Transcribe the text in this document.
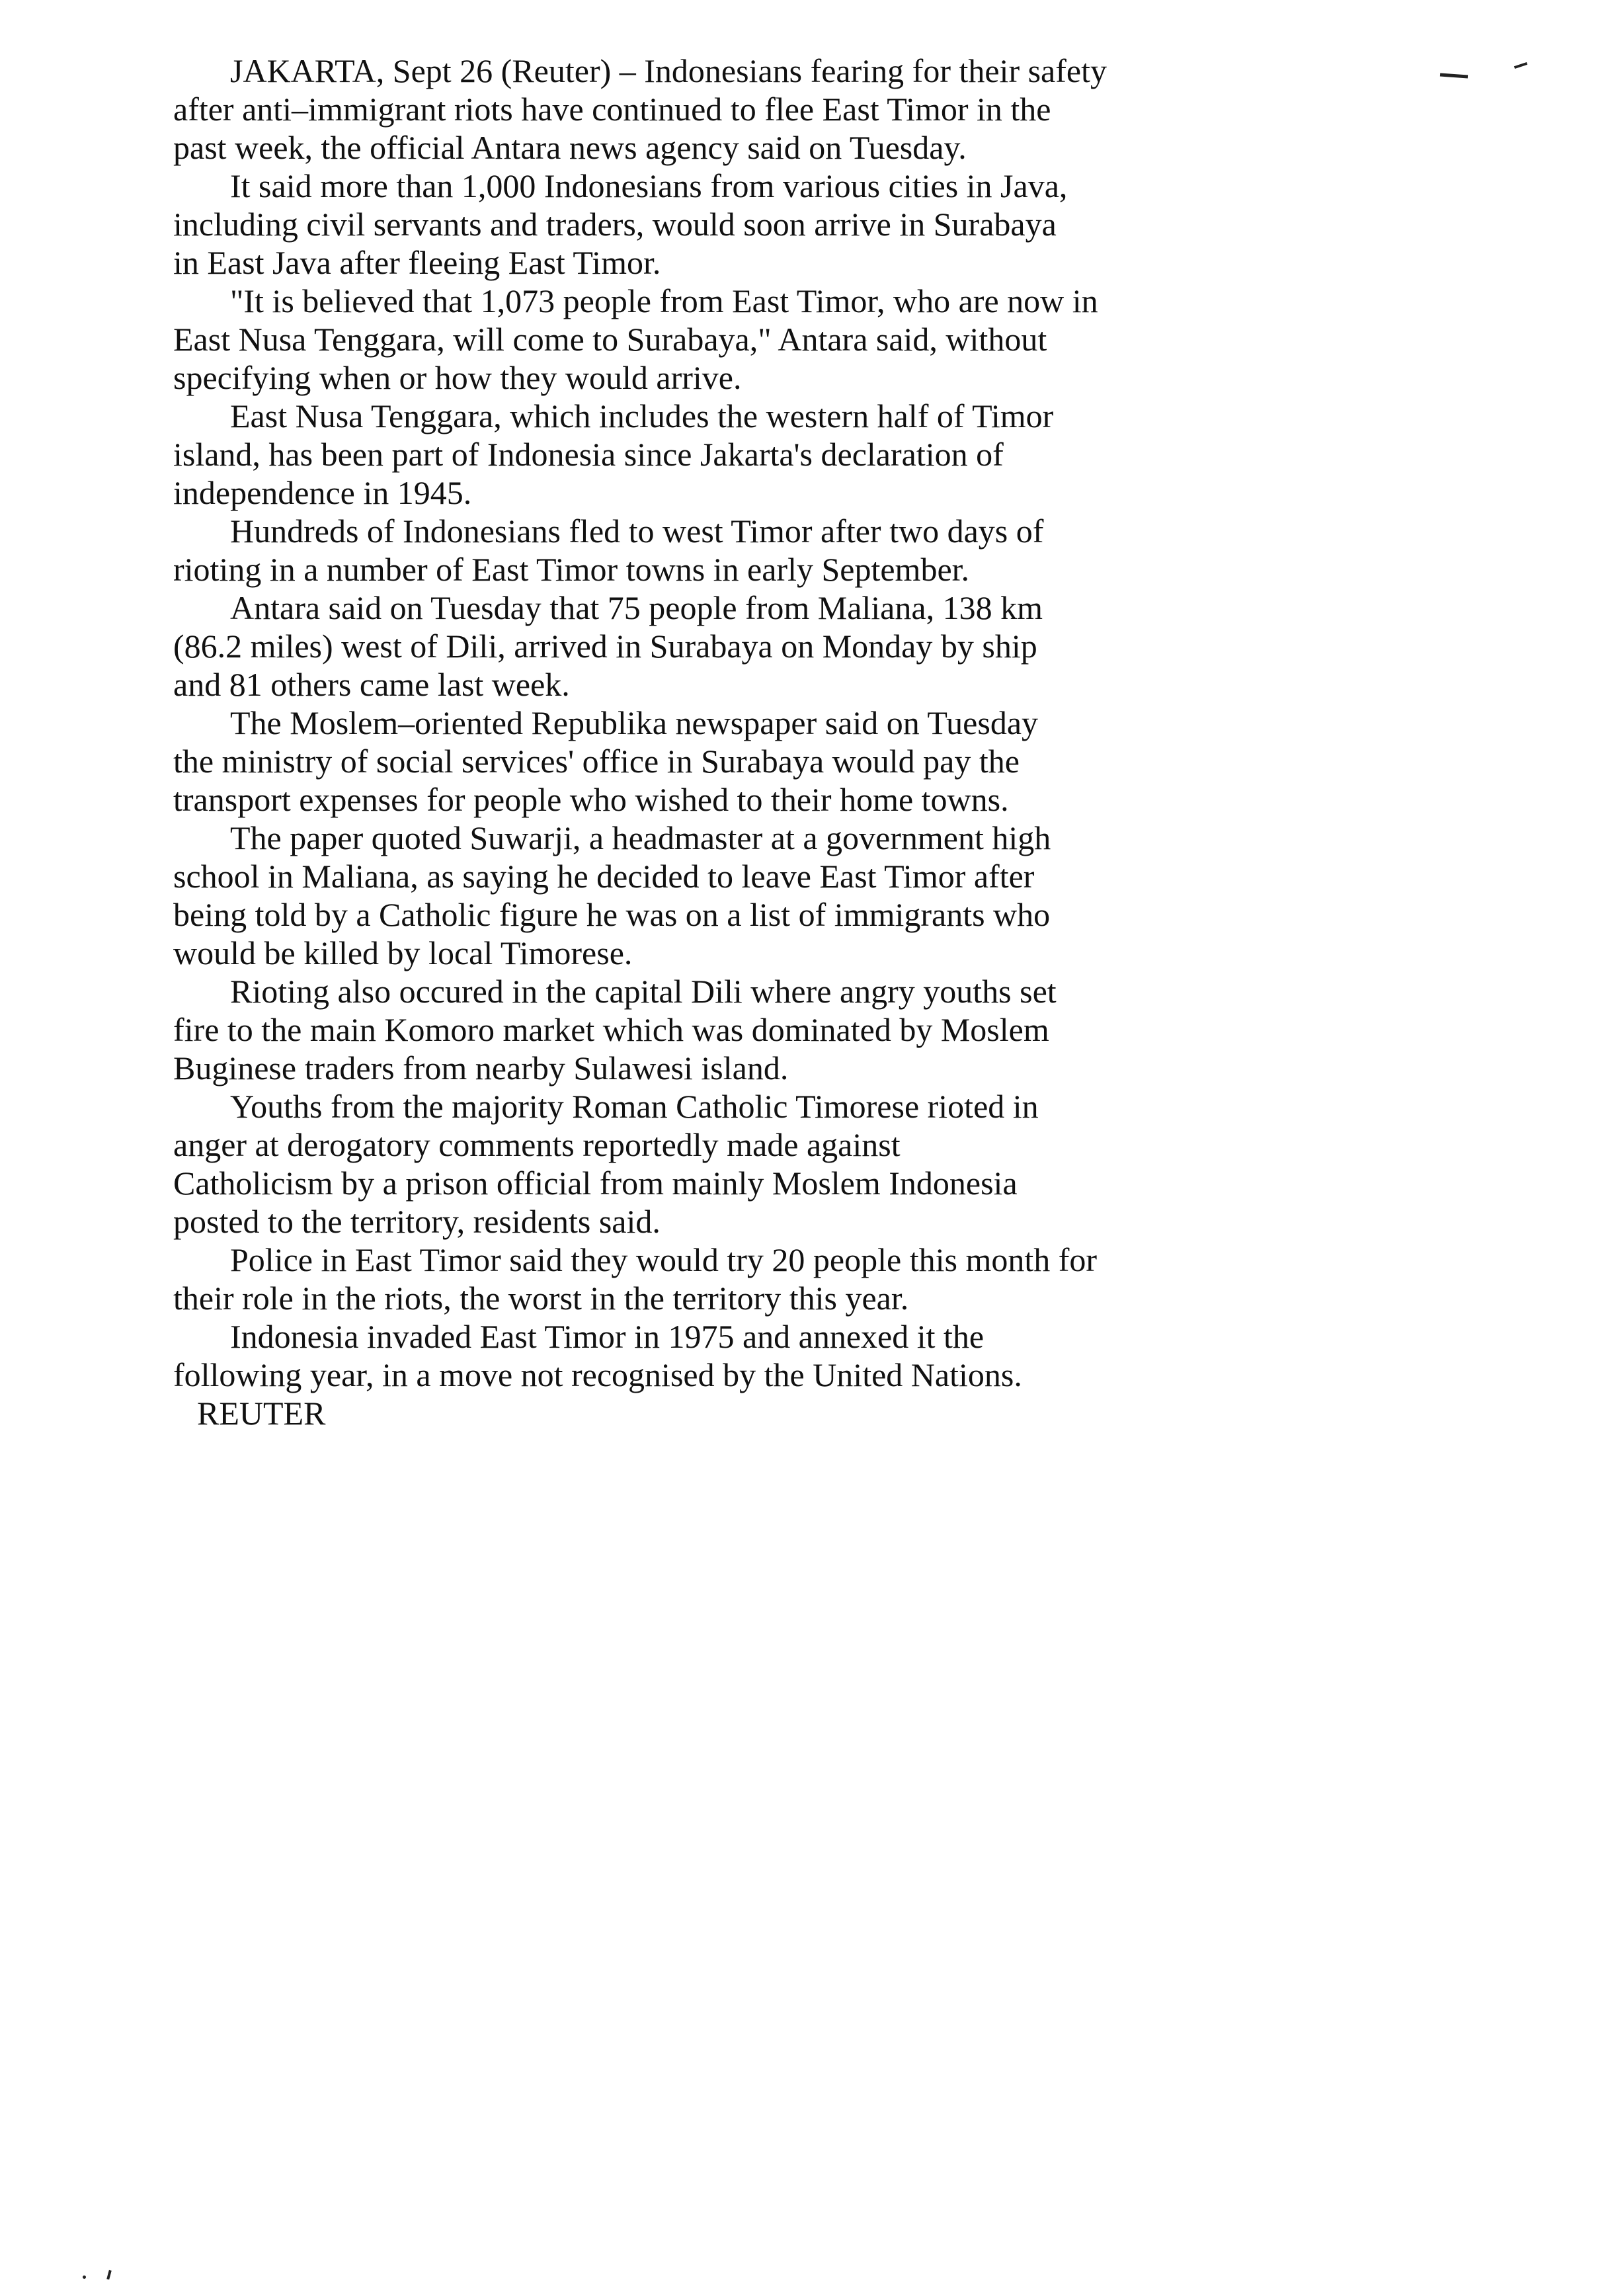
JAKARTA, Sept 26 (Reuter) – Indonesians fearing for their safety
after anti–immigrant riots have continued to flee East Timor in the
past week, the official Antara news agency said on Tuesday.
It said more than 1,000 Indonesians from various cities in Java,
including civil servants and traders, would soon arrive in Surabaya
in East Java after fleeing East Timor.
"It is believed that 1,073 people from East Timor, who are now in
East Nusa Tenggara, will come to Surabaya," Antara said, without
specifying when or how they would arrive.
East Nusa Tenggara, which includes the western half of Timor
island, has been part of Indonesia since Jakarta's declaration of
independence in 1945.
Hundreds of Indonesians fled to west Timor after two days of
rioting in a number of East Timor towns in early September.
Antara said on Tuesday that 75 people from Maliana, 138 km
(86.2 miles) west of Dili, arrived in Surabaya on Monday by ship
and 81 others came last week.
The Moslem–oriented Republika newspaper said on Tuesday
the ministry of social services' office in Surabaya would pay the
transport expenses for people who wished to their home towns.
The paper quoted Suwarji, a headmaster at a government high
school in Maliana, as saying he decided to leave East Timor after
being told by a Catholic figure he was on a list of immigrants who
would be killed by local Timorese.
Rioting also occured in the capital Dili where angry youths set
fire to the main Komoro market which was dominated by Moslem
Buginese traders from nearby Sulawesi island.
Youths from the majority Roman Catholic Timorese rioted in
anger at derogatory comments reportedly made against
Catholicism by a prison official from mainly Moslem Indonesia
posted to the territory, residents said.
Police in East Timor said they would try 20 people this month for
their role in the riots, the worst in the territory this year.
Indonesia invaded East Timor in 1975 and annexed it the
following year, in a move not recognised by the United Nations.
REUTER
